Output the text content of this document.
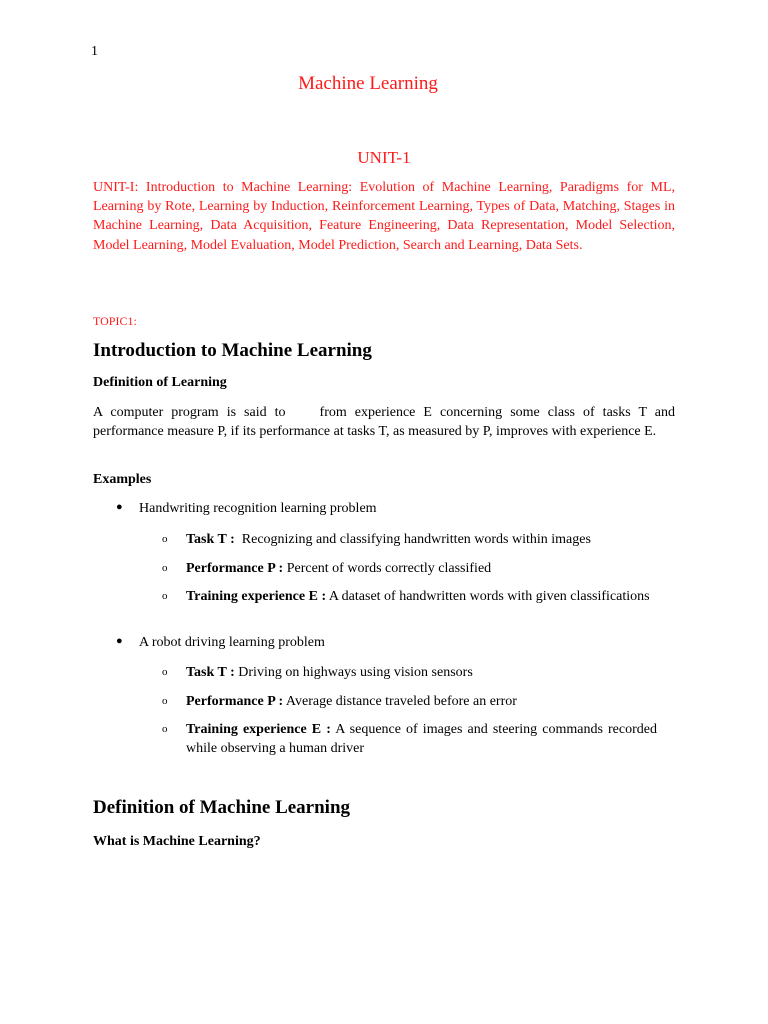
1
Machine Learning
UNIT-1

UNIT-I: Introduction to Machine Learning: Evolution of Machine Learning, Paradigms for ML, Learning by Rote, Learning by Induction, Reinforcement Learning, Types of Data, Matching, Stages in Machine Learning, Data Acquisition, Feature Engineering, Data Representation, Model Selection, Model Learning, Model Evaluation, Model Prediction, Search and Learning, Data Sets.

TOPIC1:
Introduction to Machine Learning
Definition of Learning

A computer program is said to from experience E concerning some class of tasks T and performance measure P, if its performance at tasks T, as measured by P, improves with experience E.

Examples
● Handwriting recognition learning problem
o Task T : Recognizing and classifying handwritten words within images
o Performance P : Percent of words correctly classified
o Training experience E : A dataset of handwritten words with given classifications
● A robot driving learning problem
o Task T : Driving on highways using vision sensors
o Performance P : Average distance traveled before an error
o Training experience E : A sequence of images and steering commands recorded while observing a human driver
Definition of Machine Learning
What is Machine Learning?
